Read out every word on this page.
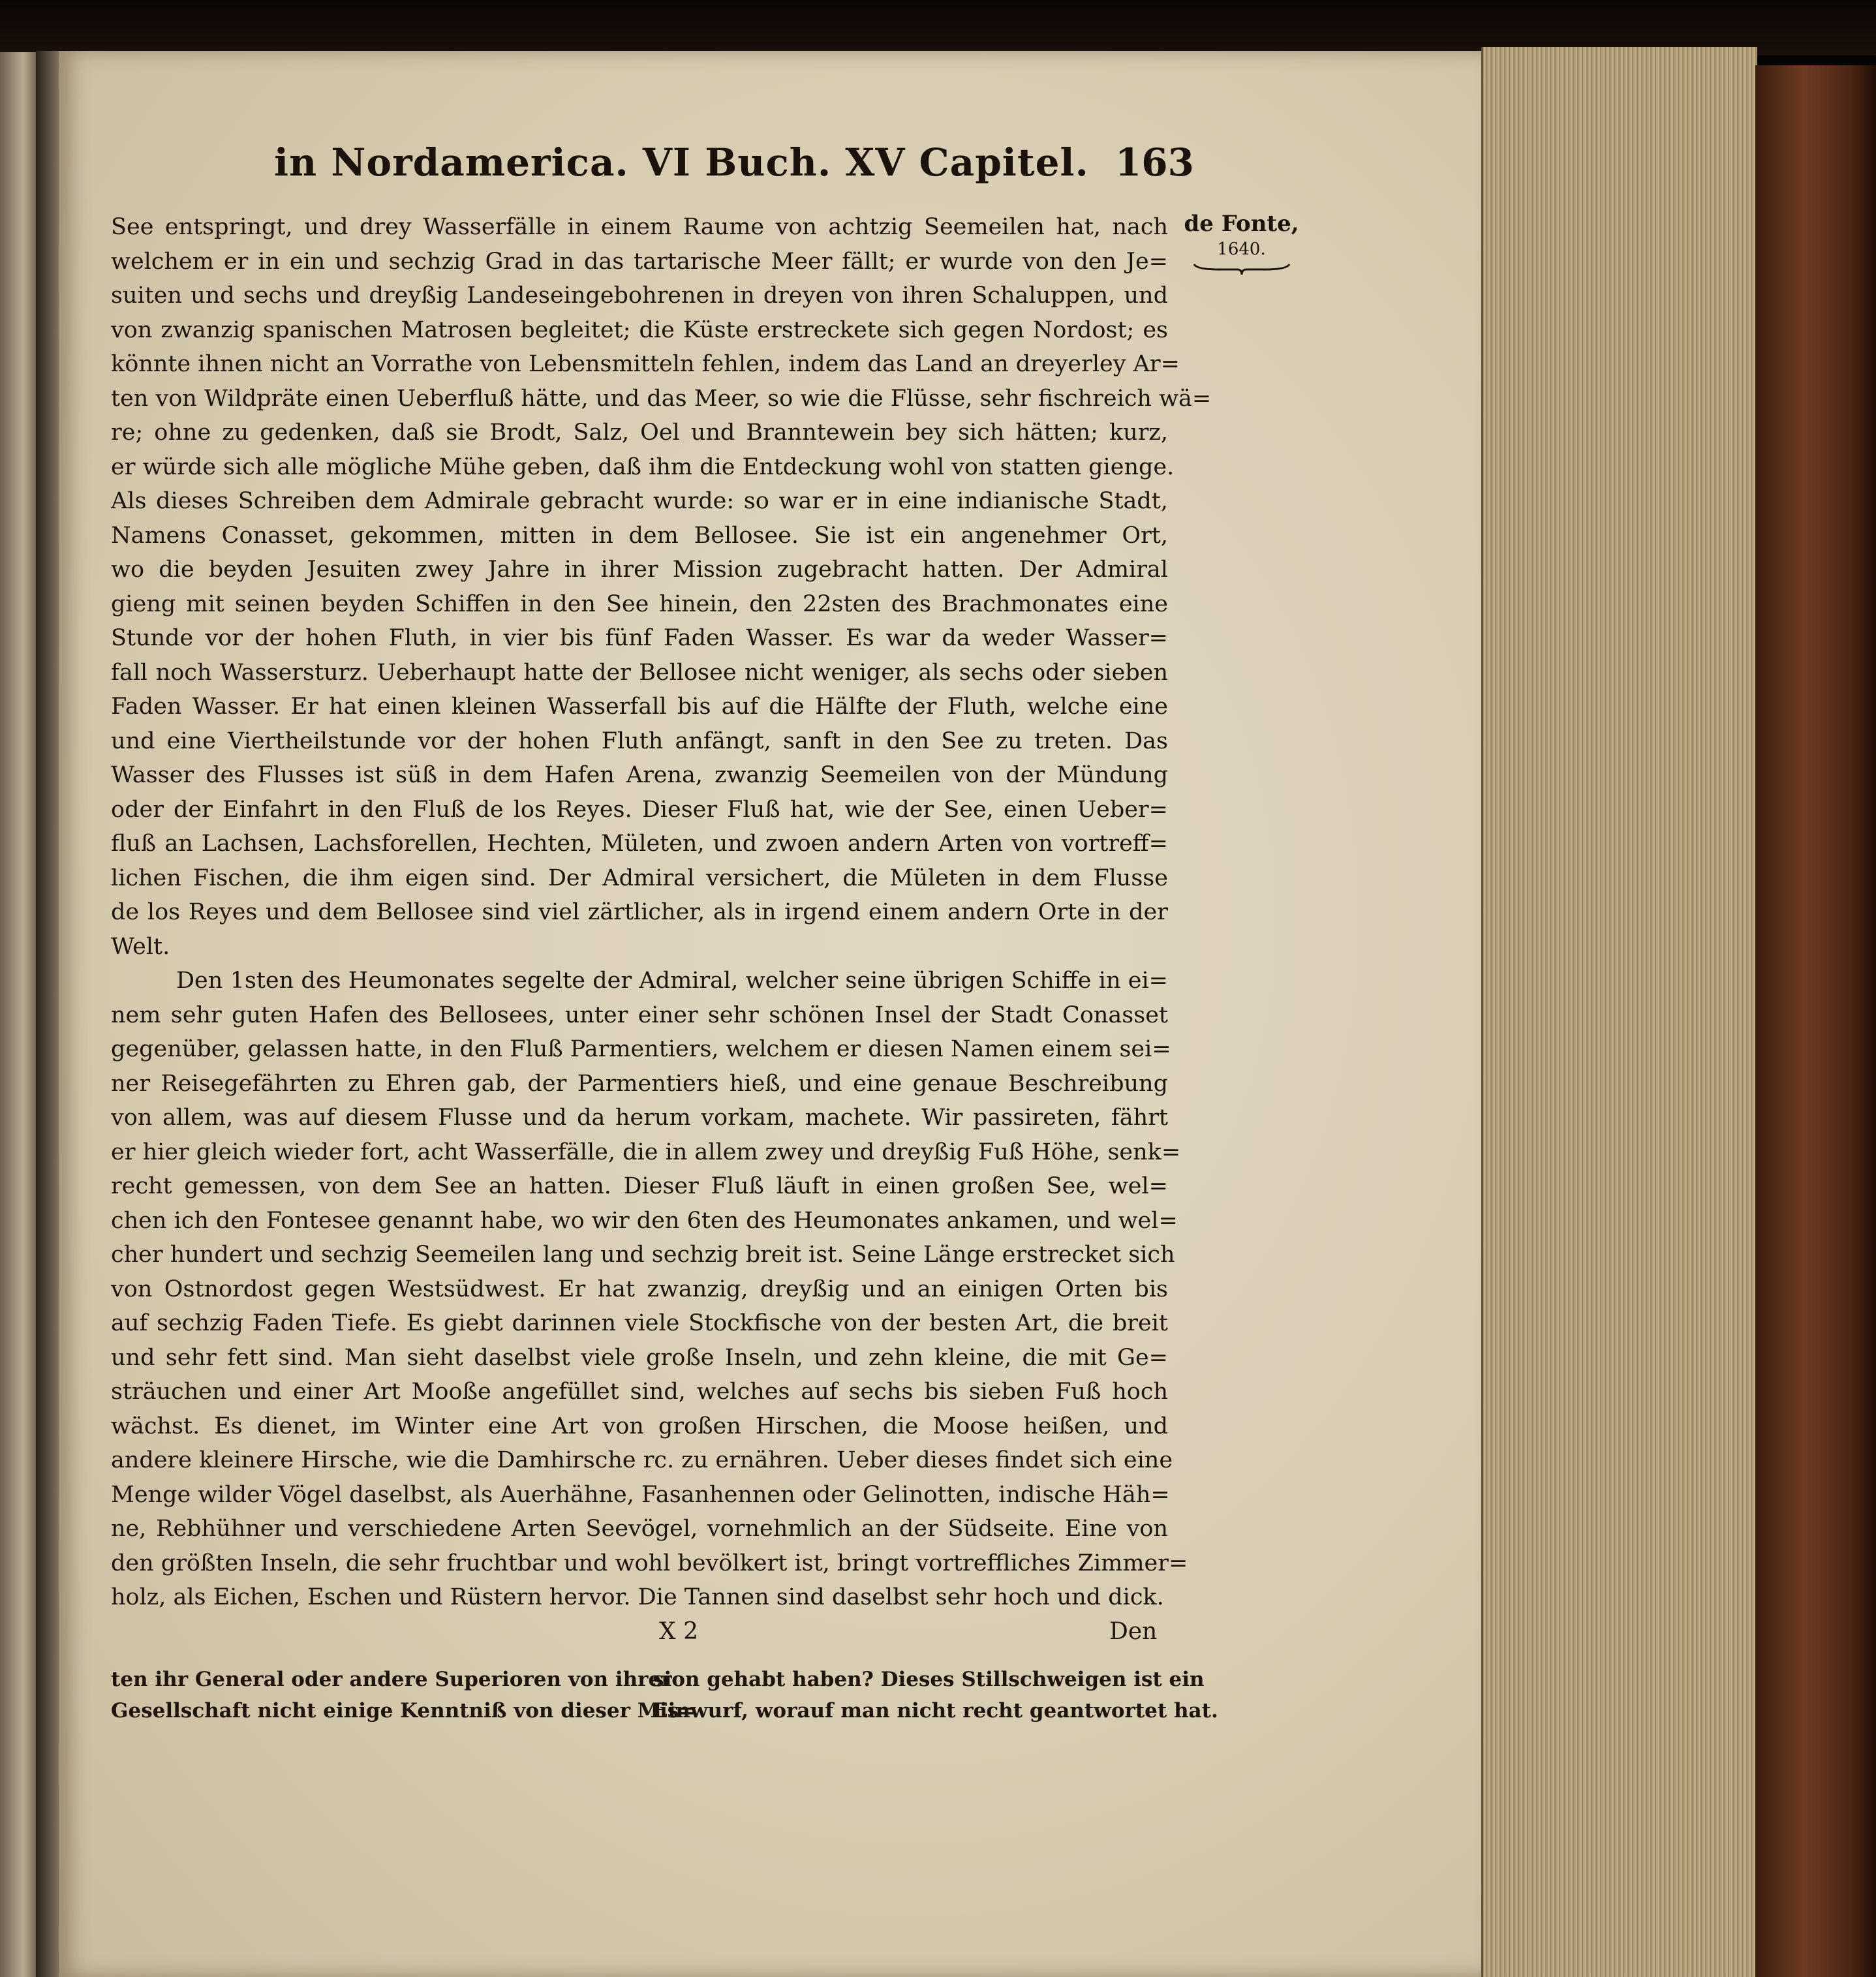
in Nordamerica. VI Buch. XV Capitel. 163
de Fonte,
1640.
See entspringt, und drey Wasserfälle in einem Raume von achtzig Seemeilen hat, nach
welchem er in ein und sechzig Grad in das tartarische Meer fällt; er wurde von den Je=
suiten und sechs und dreyßig Landeseingebohrenen in dreyen von ihren Schaluppen, und
von zwanzig spanischen Matrosen begleitet; die Küste erstreckete sich gegen Nordost; es
könnte ihnen nicht an Vorrathe von Lebensmitteln fehlen, indem das Land an dreyerley Ar=
ten von Wildpräte einen Ueberfluß hätte, und das Meer, so wie die Flüsse, sehr fischreich wä=
re; ohne zu gedenken, daß sie Brodt, Salz, Oel und Branntewein bey sich hätten; kurz,
er würde sich alle mögliche Mühe geben, daß ihm die Entdeckung wohl von statten gienge.
Als dieses Schreiben dem Admirale gebracht wurde: so war er in eine indianische Stadt,
Namens Conasset, gekommen, mitten in dem Bellosee. Sie ist ein angenehmer Ort,
wo die beyden Jesuiten zwey Jahre in ihrer Mission zugebracht hatten. Der Admiral
gieng mit seinen beyden Schiffen in den See hinein, den 22sten des Brachmonates eine
Stunde vor der hohen Fluth, in vier bis fünf Faden Wasser. Es war da weder Wasser=
fall noch Wassersturz. Ueberhaupt hatte der Bellosee nicht weniger, als sechs oder sieben
Faden Wasser. Er hat einen kleinen Wasserfall bis auf die Hälfte der Fluth, welche eine
und eine Viertheilstunde vor der hohen Fluth anfängt, sanft in den See zu treten. Das
Wasser des Flusses ist süß in dem Hafen Arena, zwanzig Seemeilen von der Mündung
oder der Einfahrt in den Fluß de los Reyes. Dieser Fluß hat, wie der See, einen Ueber=
fluß an Lachsen, Lachsforellen, Hechten, Mületen, und zwoen andern Arten von vortreff=
lichen Fischen, die ihm eigen sind. Der Admiral versichert, die Mületen in dem Flusse
de los Reyes und dem Bellosee sind viel zärtlicher, als in irgend einem andern Orte in der
Welt.
Den 1sten des Heumonates segelte der Admiral, welcher seine übrigen Schiffe in ei=
nem sehr guten Hafen des Bellosees, unter einer sehr schönen Insel der Stadt Conasset
gegenüber, gelassen hatte, in den Fluß Parmentiers, welchem er diesen Namen einem sei=
ner Reisegefährten zu Ehren gab, der Parmentiers hieß, und eine genaue Beschreibung
von allem, was auf diesem Flusse und da herum vorkam, machete. Wir passireten, fährt
er hier gleich wieder fort, acht Wasserfälle, die in allem zwey und dreyßig Fuß Höhe, senk=
recht gemessen, von dem See an hatten. Dieser Fluß läuft in einen großen See, wel=
chen ich den Fontesee genannt habe, wo wir den 6ten des Heumonates ankamen, und wel=
cher hundert und sechzig Seemeilen lang und sechzig breit ist. Seine Länge erstrecket sich
von Ostnordost gegen Westsüdwest. Er hat zwanzig, dreyßig und an einigen Orten bis
auf sechzig Faden Tiefe. Es giebt darinnen viele Stockfische von der besten Art, die breit
und sehr fett sind. Man sieht daselbst viele große Inseln, und zehn kleine, die mit Ge=
sträuchen und einer Art Mooße angefüllet sind, welches auf sechs bis sieben Fuß hoch
wächst. Es dienet, im Winter eine Art von großen Hirschen, die Moose heißen, und
andere kleinere Hirsche, wie die Damhirsche rc. zu ernähren. Ueber dieses findet sich eine
Menge wilder Vögel daselbst, als Auerhähne, Fasanhennen oder Gelinotten, indische Häh=
ne, Rebhühner und verschiedene Arten Seevögel, vornehmlich an der Südseite. Eine von
den größten Inseln, die sehr fruchtbar und wohl bevölkert ist, bringt vortreffliches Zimmer=
holz, als Eichen, Eschen und Rüstern hervor. Die Tannen sind daselbst sehr hoch und dick.
X 2	Den
ten ihr General oder andere Superioren von ihrer
Gesellschaft nicht einige Kenntniß von dieser Mis=
sion gehabt haben? Dieses Stillschweigen ist ein
Einwurf, worauf man nicht recht geantwortet hat.
